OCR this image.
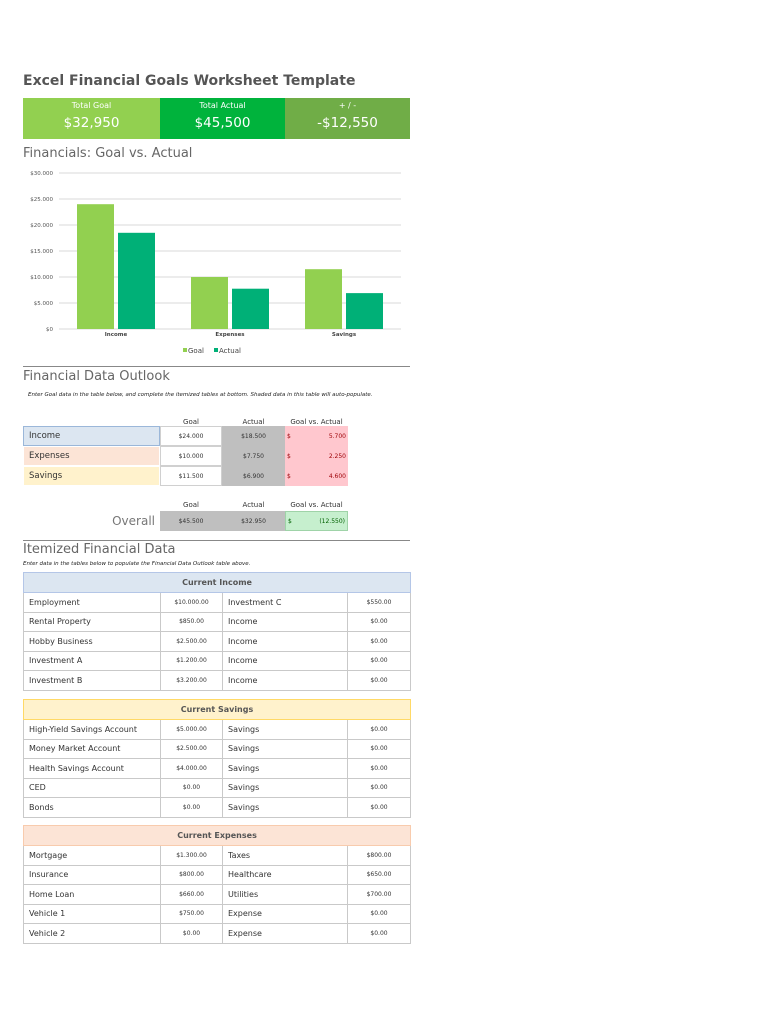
Excel Financial Goals Worksheet Template
Total Goal
$32,950
Total Actual
$45,500
+ / -
-$12,550
Financials: Goal vs. Actual
$0
$5.000
$10.000
$15.000
$20.000
$25.000
$30.000
Income	Expenses	Savings
Goal Actual
Financial Data Outlook
Enter Goal data in the table below, and complete the itemized tables at bottom. Shaded data in this table will auto-populate.
Goal	Actual	Goal vs. Actual
Income	$24.000	$18.500	$	5.700
Expenses	$10.000	$7.750	$	2.250
Savings	$11.500	$6.900	$	4.600
Goal	Actual	Goal vs. Actual
Overall	$45.500	$32.950	$	(12.550)
Itemized Financial Data
Enter data in the tables below to populate the Financial Data Outlook table above.
Current Income			
Employment	$10.000.00	Investment C	$550.00
Rental Property	$850.00	Income	$0.00
Hobby Business	$2.500.00	Income	$0.00
Investment A	$1.200.00	Income	$0.00
Investment B	$3.200.00	Income	$0.00
Current Savings			
High-Yield Savings Account	$5.000.00	Savings	$0.00
Money Market Account	$2.500.00	Savings	$0.00
Health Savings Account	$4.000.00	Savings	$0.00
CED	$0.00	Savings	$0.00
Bonds	$0.00	Savings	$0.00
Current Expenses			
Mortgage	$1.300.00	Taxes	$800.00
Insurance	$800.00	Healthcare	$650.00
Home Loan	$660.00	Utilities	$700.00
Vehicle 1	$750.00	Expense	$0.00
Vehicle 2	$0.00	Expense	$0.00
